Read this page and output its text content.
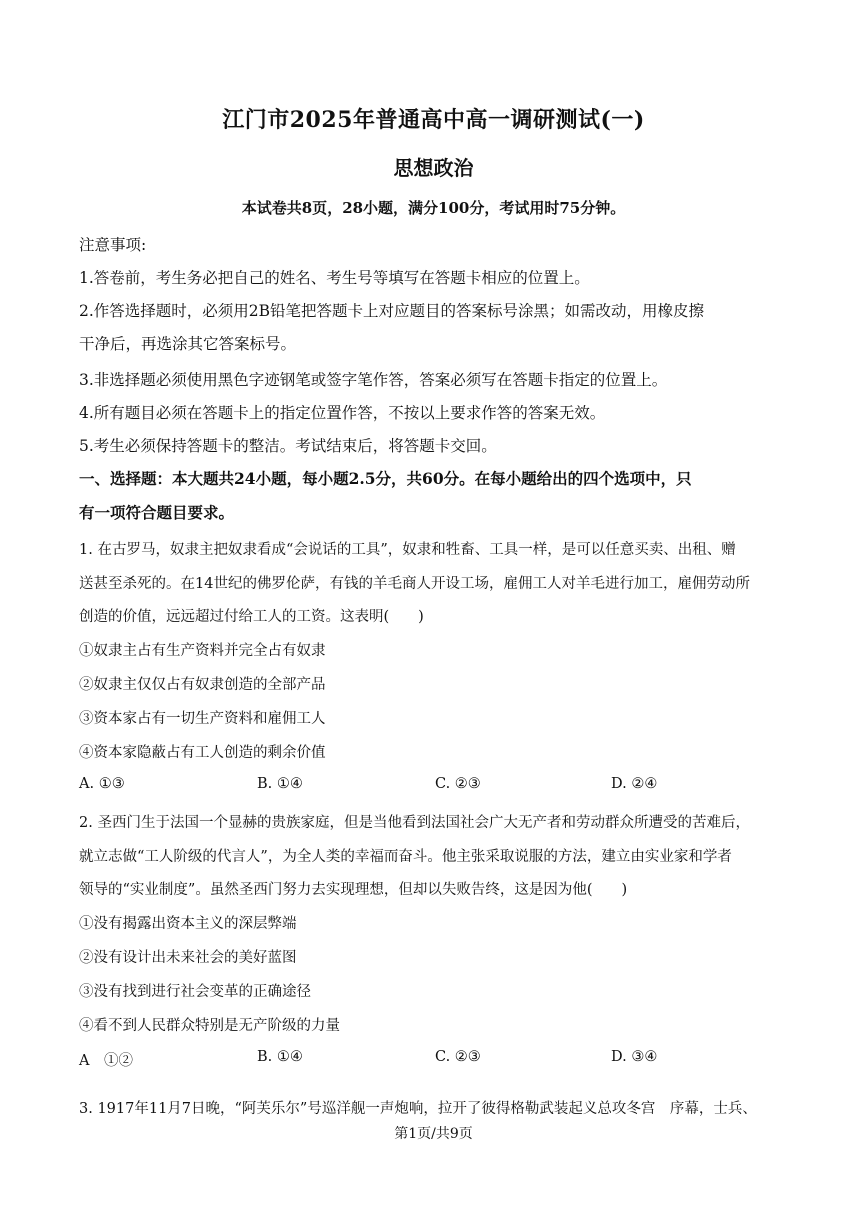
江门市2025年普通高中高一调研测试(一)
思想政治
本试卷共8页，28小题，满分100分，考试用时75分钟。
注意事项:
1.答卷前，考生务必把自己的姓名、考生号等填写在答题卡相应的位置上。
2.作答选择题时，必须用2B铅笔把答题卡上对应题目的答案标号涂黑；如需改动，用橡皮擦
干净后，再选涂其它答案标号。
3.非选择题必须使用黑色字迹钢笔或签字笔作答，答案必须写在答题卡指定的位置上。
4.所有题目必须在答题卡上的指定位置作答，不按以上要求作答的答案无效。
5.考生必须保持答题卡的整洁。考试结束后，将答题卡交回。
一、选择题：本大题共24小题，每小题2.5分，共60分。在每小题给出的四个选项中，只
有一项符合题目要求。
1. 在古罗马，奴隶主把奴隶看成“会说话的工具”，奴隶和牲畜、工具一样，是可以任意买卖、出租、赠
送甚至杀死的。在14世纪的佛罗伦萨，有钱的羊毛商人开设工场，雇佣工人对羊毛进行加工，雇佣劳动所
创造的价值，远远超过付给工人的工资。这表明(　　)
①奴隶主占有生产资料并完全占有奴隶
②奴隶主仅仅占有奴隶创造的全部产品
③资本家占有一切生产资料和雇佣工人
④资本家隐蔽占有工人创造的剩余价值
A. ①③	B. ①④	C. ②③	D. ②④
2. 圣西门生于法国一个显赫的贵族家庭，但是当他看到法国社会广大无产者和劳动群众所遭受的苦难后，
就立志做“工人阶级的代言人”，为全人类的幸福而奋斗。他主张采取说服的方法，建立由实业家和学者
领导的“实业制度”。虽然圣西门努力去实现理想，但却以失败告终，这是因为他(　　)
①没有揭露出资本主义的深层弊端
②没有设计出未来社会的美好蓝图
③没有找到进行社会变革的正确途径
④看不到人民群众特别是无产阶级的力量
A　①②	B. ①④	C. ②③	D. ③④
3. 1917年11月7日晚，“阿芙乐尔”号巡洋舰一声炮响，拉开了彼得格勒武装起义总攻冬宫　序幕，士兵、
第1页/共9页
